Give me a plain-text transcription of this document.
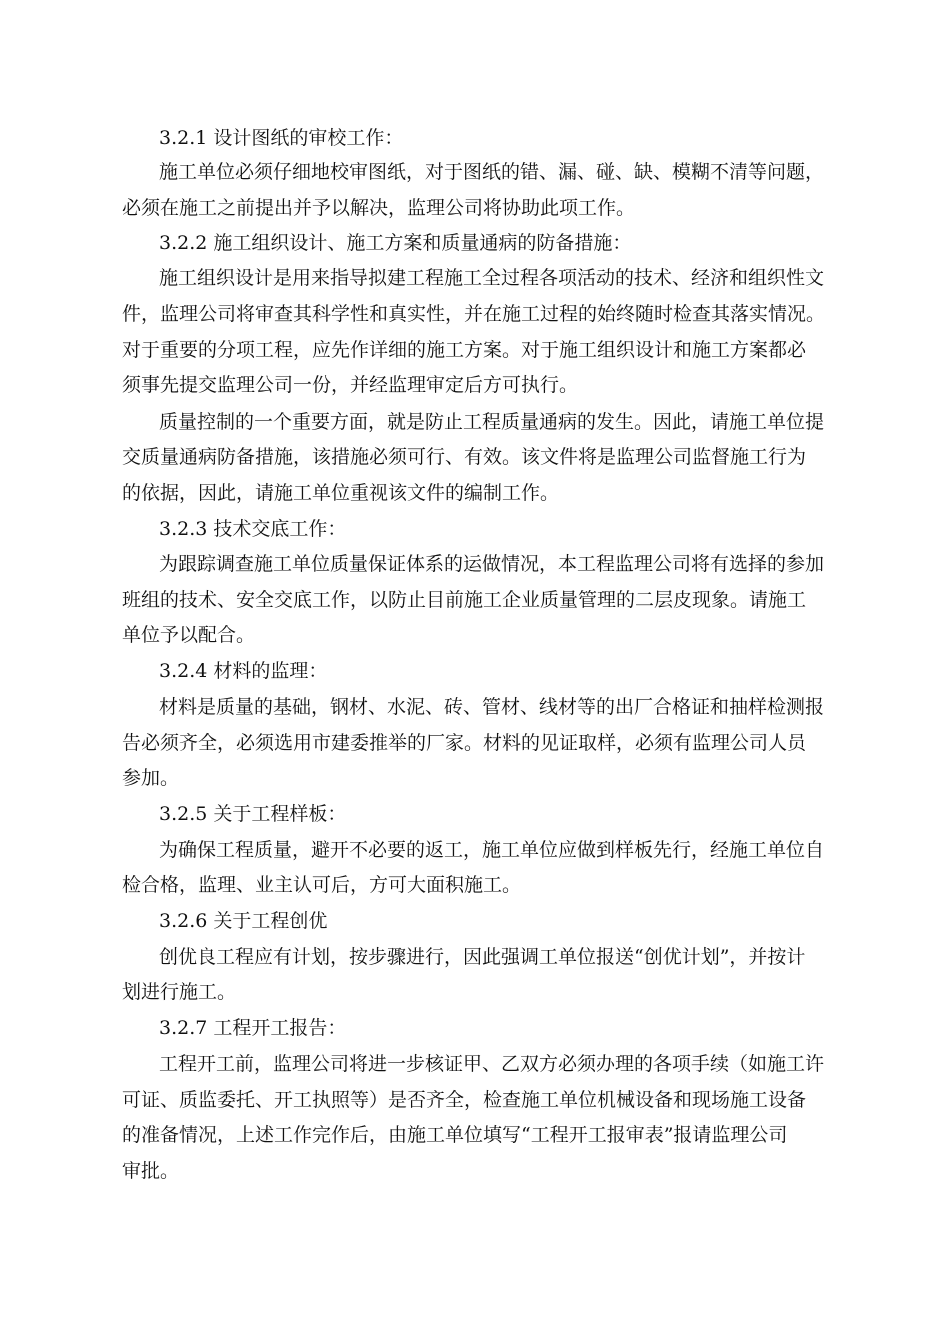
3.2.1 设计图纸的审校工作：
施工单位必须仔细地校审图纸，对于图纸的错、漏、碰、缺、模糊不清等问题，
必须在施工之前提出并予以解决，监理公司将协助此项工作。
3.2.2 施工组织设计、施工方案和质量通病的防备措施：
施工组织设计是用来指导拟建工程施工全过程各项活动的技术、经济和组织性文
件，监理公司将审查其科学性和真实性，并在施工过程的始终随时检查其落实情况。
对于重要的分项工程，应先作详细的施工方案。对于施工组织设计和施工方案都必
须事先提交监理公司一份，并经监理审定后方可执行。
质量控制的一个重要方面，就是防止工程质量通病的发生。因此，请施工单位提
交质量通病防备措施，该措施必须可行、有效。该文件将是监理公司监督施工行为
的依据，因此，请施工单位重视该文件的编制工作。
3.2.3 技术交底工作：
为跟踪调查施工单位质量保证体系的运做情况，本工程监理公司将有选择的参加
班组的技术、安全交底工作，以防止目前施工企业质量管理的二层皮现象。请施工
单位予以配合。
3.2.4 材料的监理：
材料是质量的基础，钢材、水泥、砖、管材、线材等的出厂合格证和抽样检测报
告必须齐全，必须选用市建委推举的厂家。材料的见证取样，必须有监理公司人员
参加。
3.2.5 关于工程样板：
为确保工程质量，避开不必要的返工，施工单位应做到样板先行，经施工单位自
检合格，监理、业主认可后，方可大面积施工。
3.2.6 关于工程创优
创优良工程应有计划，按步骤进行，因此强调工单位报送“创优计划”，并按计
划进行施工。
3.2.7 工程开工报告：
工程开工前，监理公司将进一步核证甲、乙双方必须办理的各项手续（如施工许
可证、质监委托、开工执照等）是否齐全，检查施工单位机械设备和现场施工设备
的准备情况，上述工作完作后，由施工单位填写“工程开工报审表”报请监理公司
审批。
